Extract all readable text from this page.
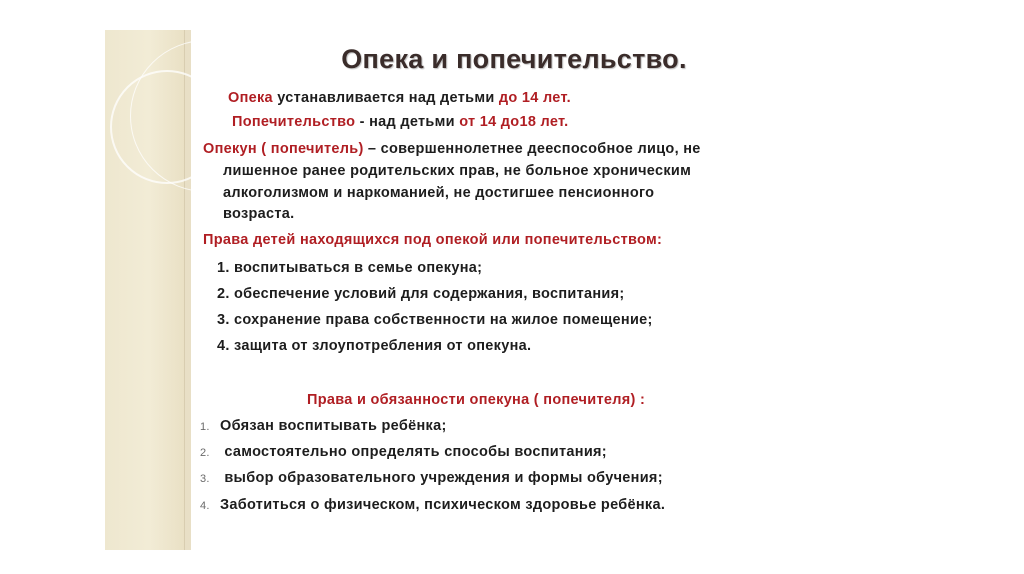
Опека и попечительство.
Опека устанавливается над детьми до 14 лет.
Попечительство - над детьми от 14 до18 лет.
Опекун ( попечитель) – совершеннолетнее дееспособное лицо, не
лишенное ранее родительских прав, не больное хроническим
алкоголизмом и наркоманией, не достигшее пенсионного
возраста.
Права детей находящихся под опекой или попечительством:
1. воспитываться в семье опекуна;
2. обеспечение условий для содержания, воспитания;
3. сохранение права собственности на жилое помещение;
4. защита от злоупотребления от опекуна.
Права и обязанности опекуна ( попечителя) :
1. Обязан воспитывать ребёнка;
2. самостоятельно определять способы воспитания;
3. выбор образовательного учреждения и формы обучения;
4. Заботиться о физическом, психическом здоровье ребёнка.
